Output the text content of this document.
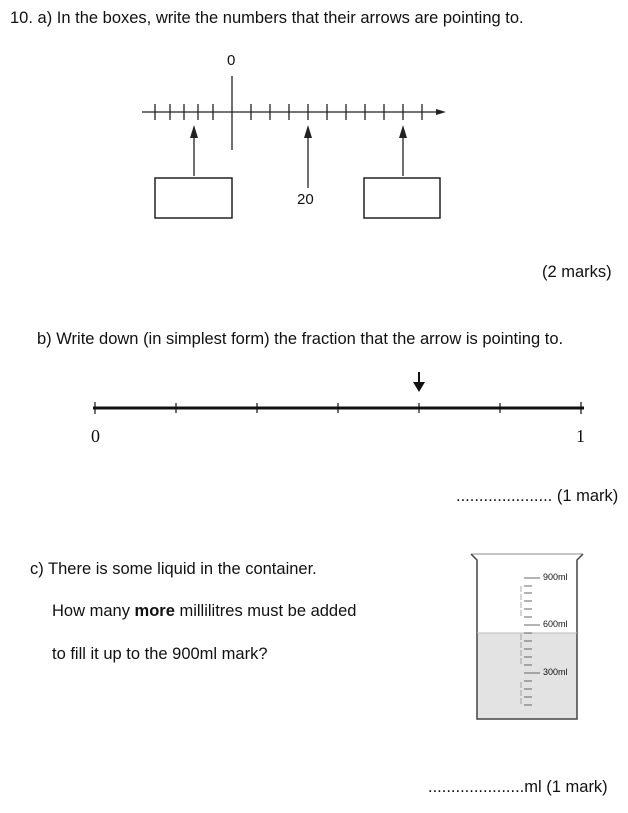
10. a) In the boxes, write the numbers that their arrows are pointing to.
0
20
(2 marks)
b) Write down (in simplest form) the fraction that the arrow is pointing to.
0	1
..................... (1 mark)
c) There is some liquid in the container.
How many more millilitres must be added
to fill it up to the 900ml mark?
900ml
600ml
300ml
.....................ml (1 mark)
